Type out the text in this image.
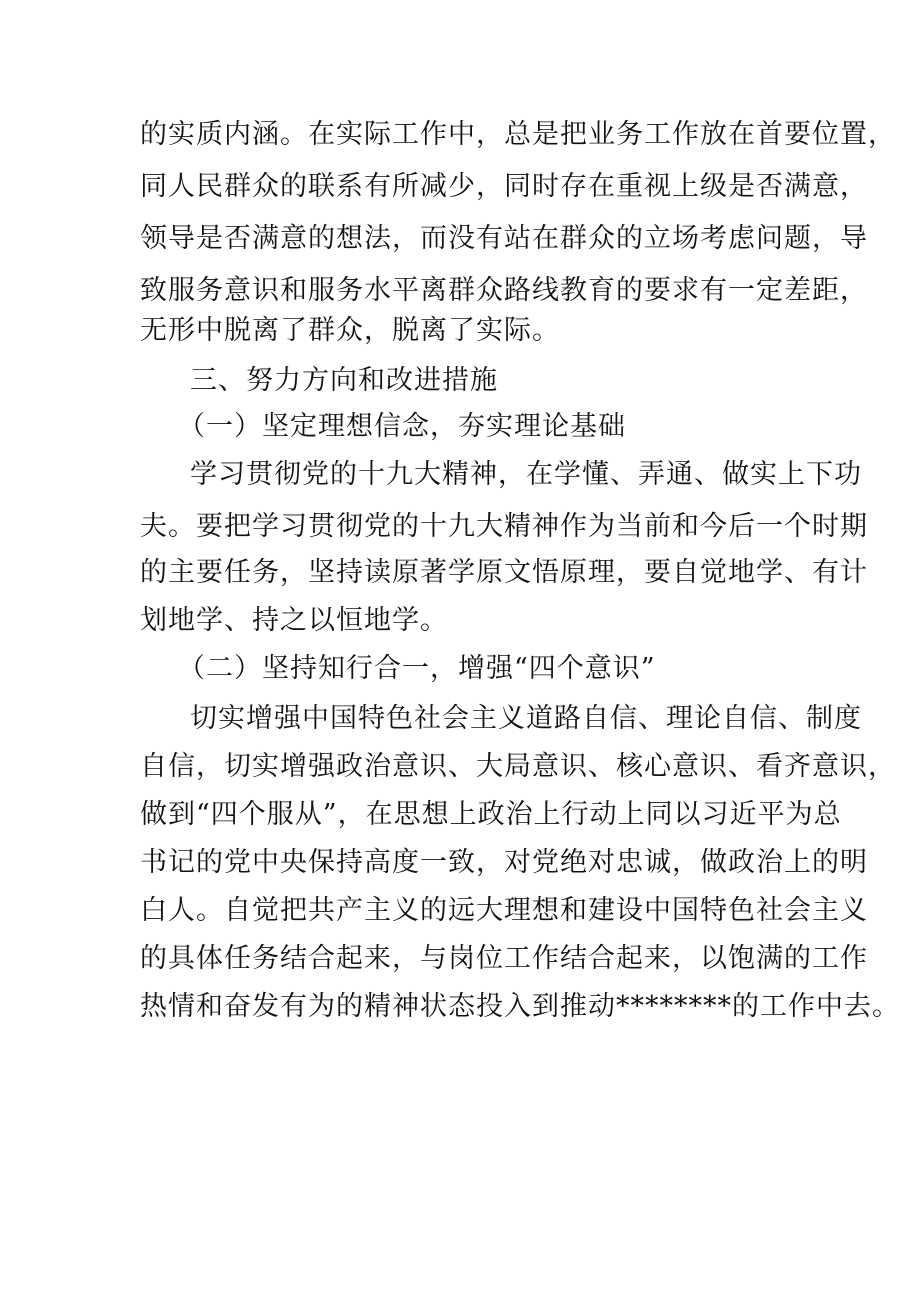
的实质内涵。在实际工作中，总是把业务工作放在首要位置，
同人民群众的联系有所减少，同时存在重视上级是否满意，
领导是否满意的想法，而没有站在群众的立场考虑问题，导
致服务意识和服务水平离群众路线教育的要求有一定差距，
无形中脱离了群众，脱离了实际。
三、努力方向和改进措施
（一）坚定理想信念，夯实理论基础
学习贯彻党的十九大精神，在学懂、弄通、做实上下功
夫。要把学习贯彻党的十九大精神作为当前和今后一个时期
的主要任务，坚持读原著学原文悟原理，要自觉地学、有计
划地学、持之以恒地学。
（二）坚持知行合一，增强“四个意识”
切实增强中国特色社会主义道路自信、理论自信、制度
自信，切实增强政治意识、大局意识、核心意识、看齐意识，
做到“四个服从”，在思想上政治上行动上同以习近平为总
书记的党中央保持高度一致，对党绝对忠诚，做政治上的明
白人。自觉把共产主义的远大理想和建设中国特色社会主义
的具体任务结合起来，与岗位工作结合起来，以饱满的工作
热情和奋发有为的精神状态投入到推动********的工作中去。
